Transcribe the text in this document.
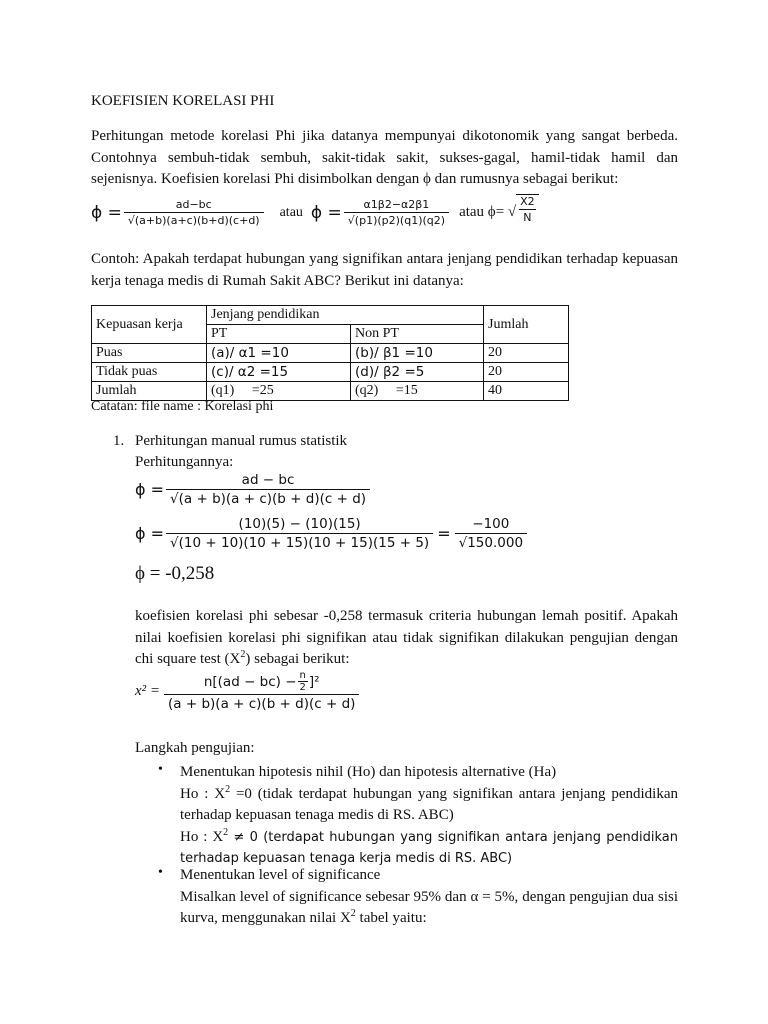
KOEFISIEN KORELASI PHI
Perhitungan metode korelasi Phi jika datanya mempunyai dikotonomik yang sangat berbeda. Contohnya sembuh-tidak sembuh, sakit-tidak sakit, sukses-gagal, hamil-tidak hamil dan sejenisnya. Koefisien korelasi Phi disimbolkan dengan ϕ dan rumusnya sebagai berikut:
$\phi = \frac{ad-bc}{√(a+b)(a+c)(b+d)(c+d)}$ atau $\phi = \frac{\alpha 1\beta 2-\alpha 2\beta 1}{√(p1)(p2)(q1)(q2)}$ atau ϕ= √ $\frac{X2}{N}$
Contoh: Apakah terdapat hubungan yang signifikan antara jenjang pendidikan terhadap kepuasan kerja tenaga medis di Rumah Sakit ABC? Berikut ini datanya:
Kepuasan kerja	Jenjang pendidikan		Jumlah
	PT	Non PT	
Puas	(a)/ α1 =10	(b)/ β1 =10	20
Tidak puas	(c)/ α2 =15	(d)/ β2 =5	20
Jumlah	(q1)     =25	(q2)     =15	40
Catatan: file name : Korelasi phi
1. Perhitungan manual rumus statistik
Perhitungannya:
$\phi = \frac{ad - bc}{√(a + b)(a + c)(b + d)(c + d)}$
$\phi = \frac{(10)(5) - (10)(15)}{√(10 + 10)(10 + 15)(10 + 15)(15 + 5)} = \frac{-100}{√150.000}$
ϕ = -0,258
koefisien korelasi phi sebesar -0,258 termasuk criteria hubungan lemah positif. Apakah nilai koefisien korelasi phi signifikan atau tidak signifikan dilakukan pengujian dengan chi square test $(X^2)$ sebagai berikut:
x² =
$n[(ad - bc) - \frac{n}{2} ]^2$
(a + b)(a + c)(b + d)(c + d)
Langkah pengujian:
• Menentukan hipotesis nihil (Ho) dan hipotesis alternative (Ha)
Ho : $X^2 =0$ (tidak terdapat hubungan yang signifikan antara jenjang pendidikan terhadap kepuasan tenaga medis di RS. ABC)
Ho : $X^2 \ne 0$ (terdapat hubungan yang signifikan antara jenjang pendidikan terhadap kepuasan tenaga kerja medis di RS. ABC)
• Menentukan level of significance
Misalkan level of significance sebesar 95% dan α = 5%, dengan pengujian dua sisi kurva, menggunakan nilai $X^2$ tabel yaitu:
